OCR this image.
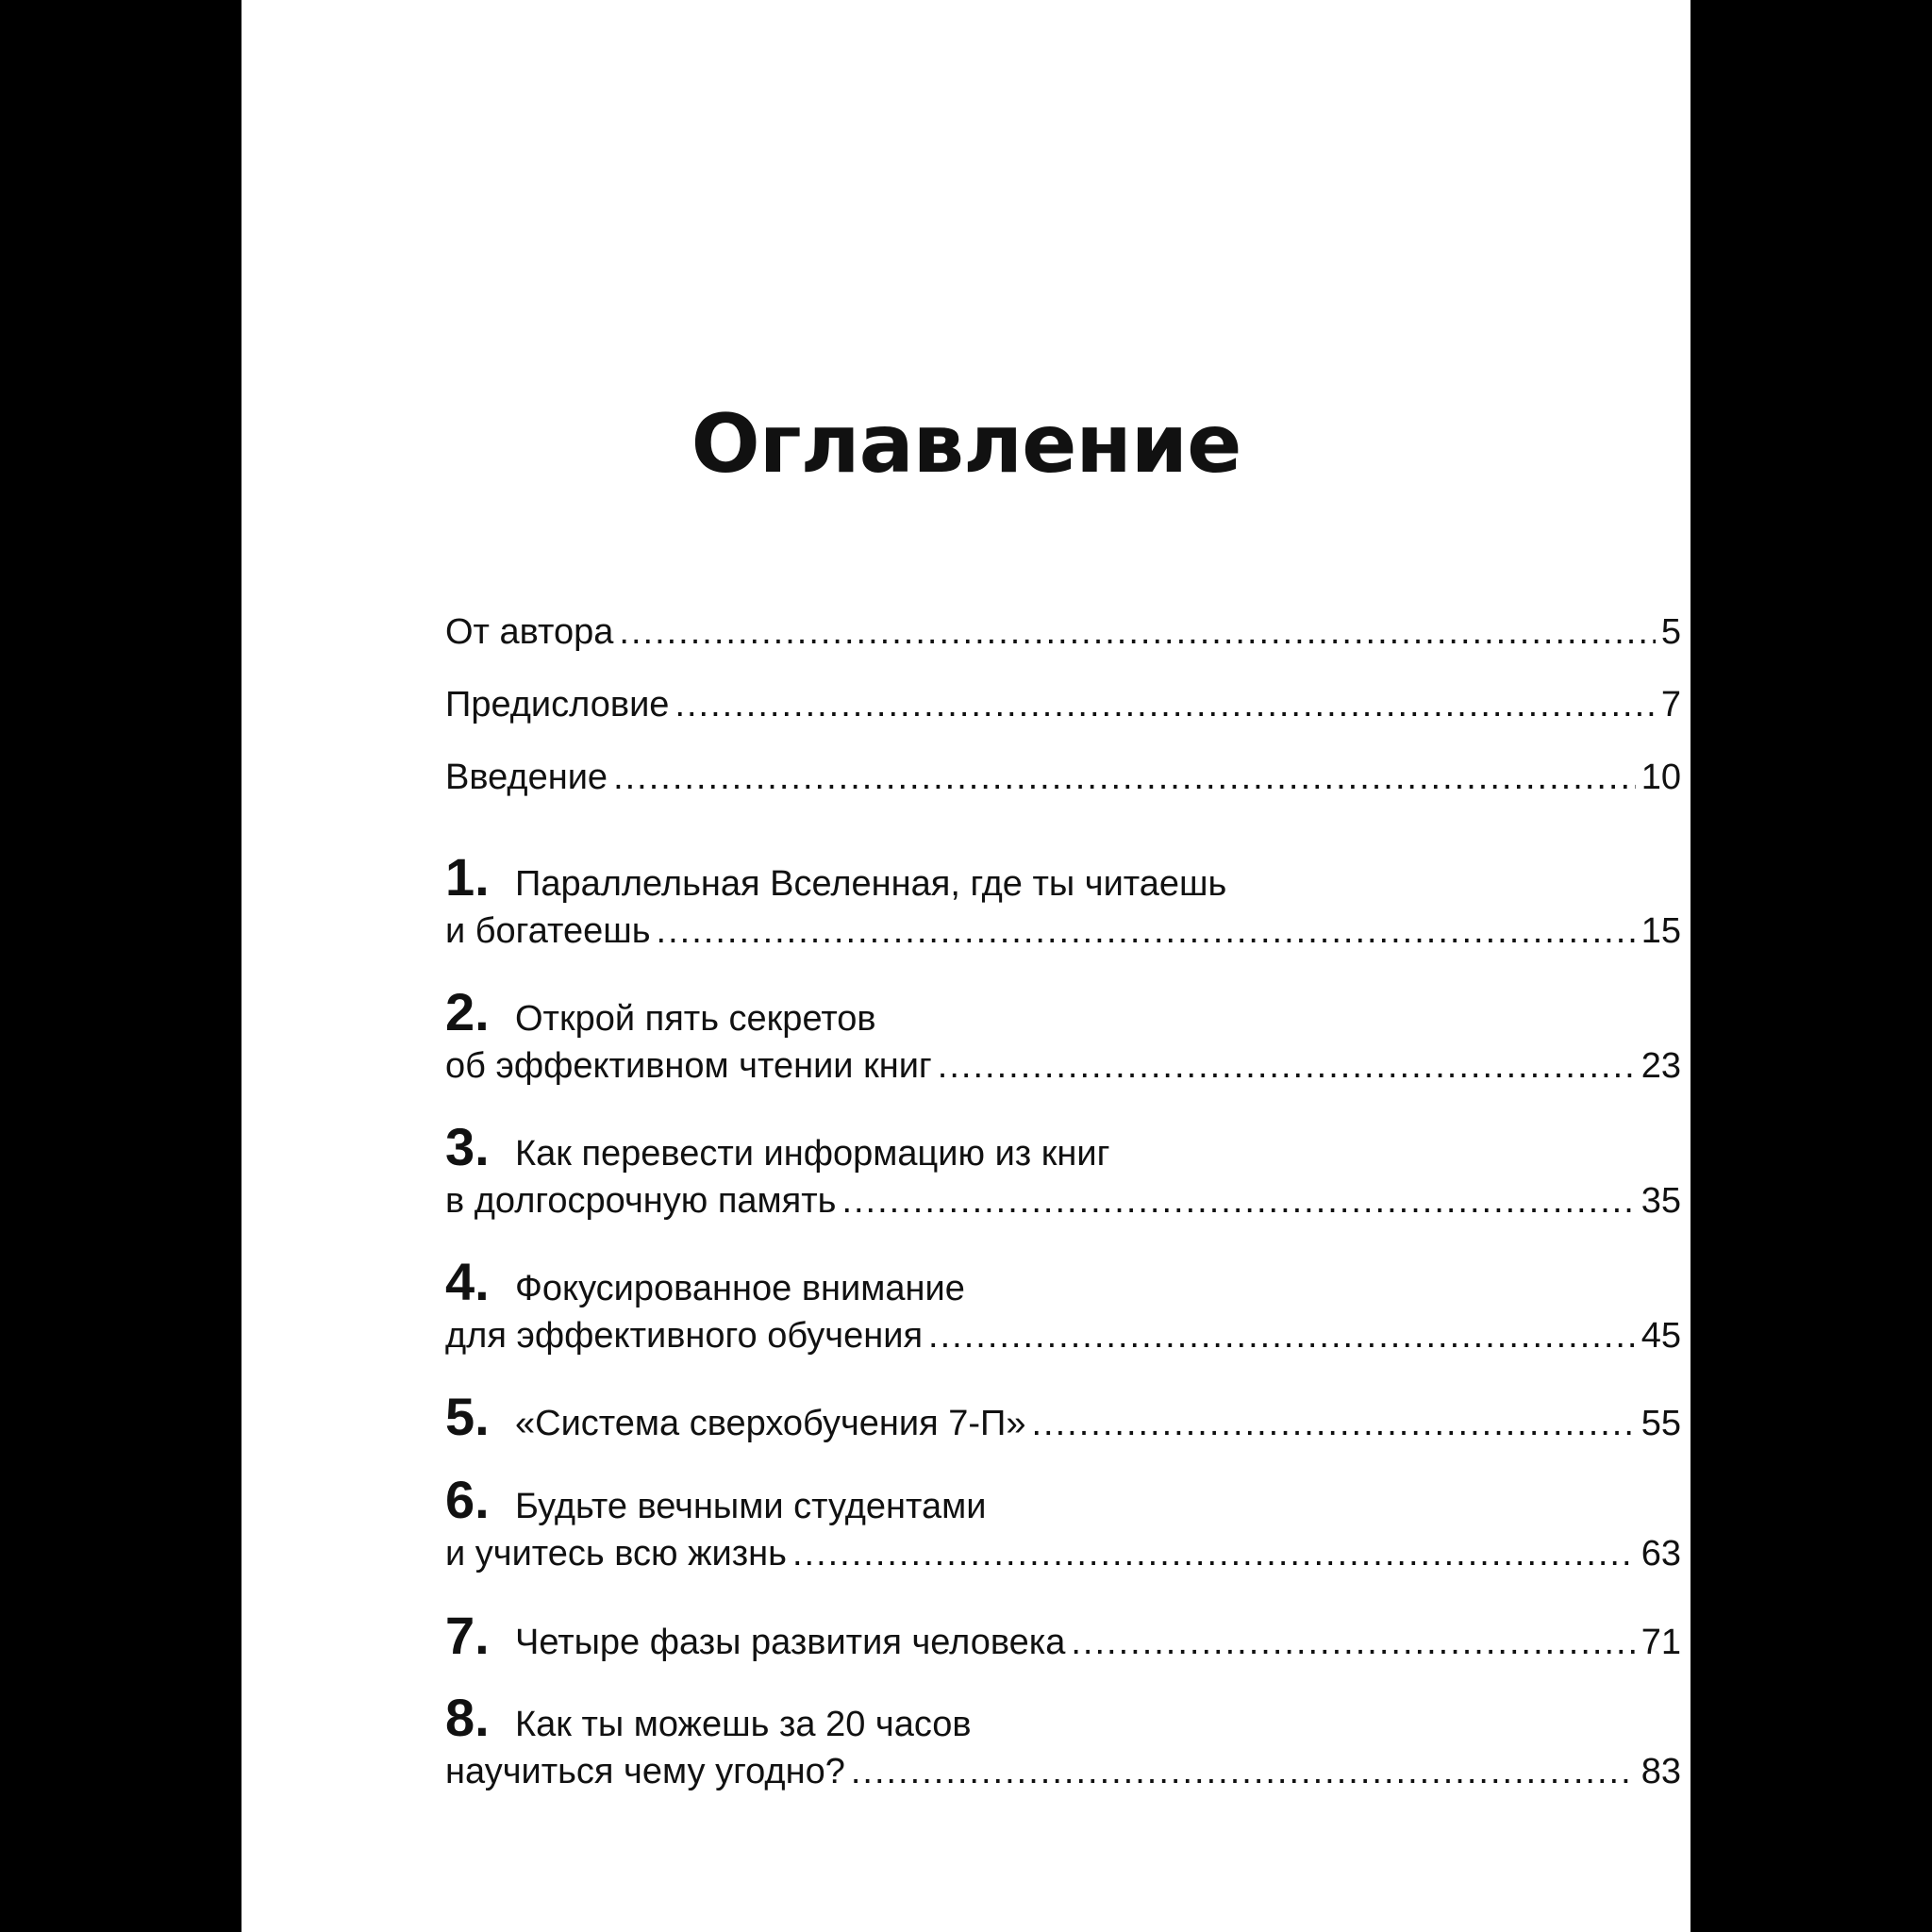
Оглавление
От автора .....	5
Предисловие .....	7
Введение .....	10
1. Параллельная Вселенная, где ты читаешь
и богатеешь .....	15
2. Открой пять секретов
об эффективном чтении книг .....	23
3. Как перевести информацию из книг
в долгосрочную память .....	35
4. Фокусированное внимание
для эффективного обучения .....	45
5. «Система сверхобучения 7-П» .....	55
6. Будьте вечными студентами
и учитесь всю жизнь .....	63
7. Четыре фазы развития человека .....	71
8. Как ты можешь за 20 часов
научиться чему угодно? .....	83
